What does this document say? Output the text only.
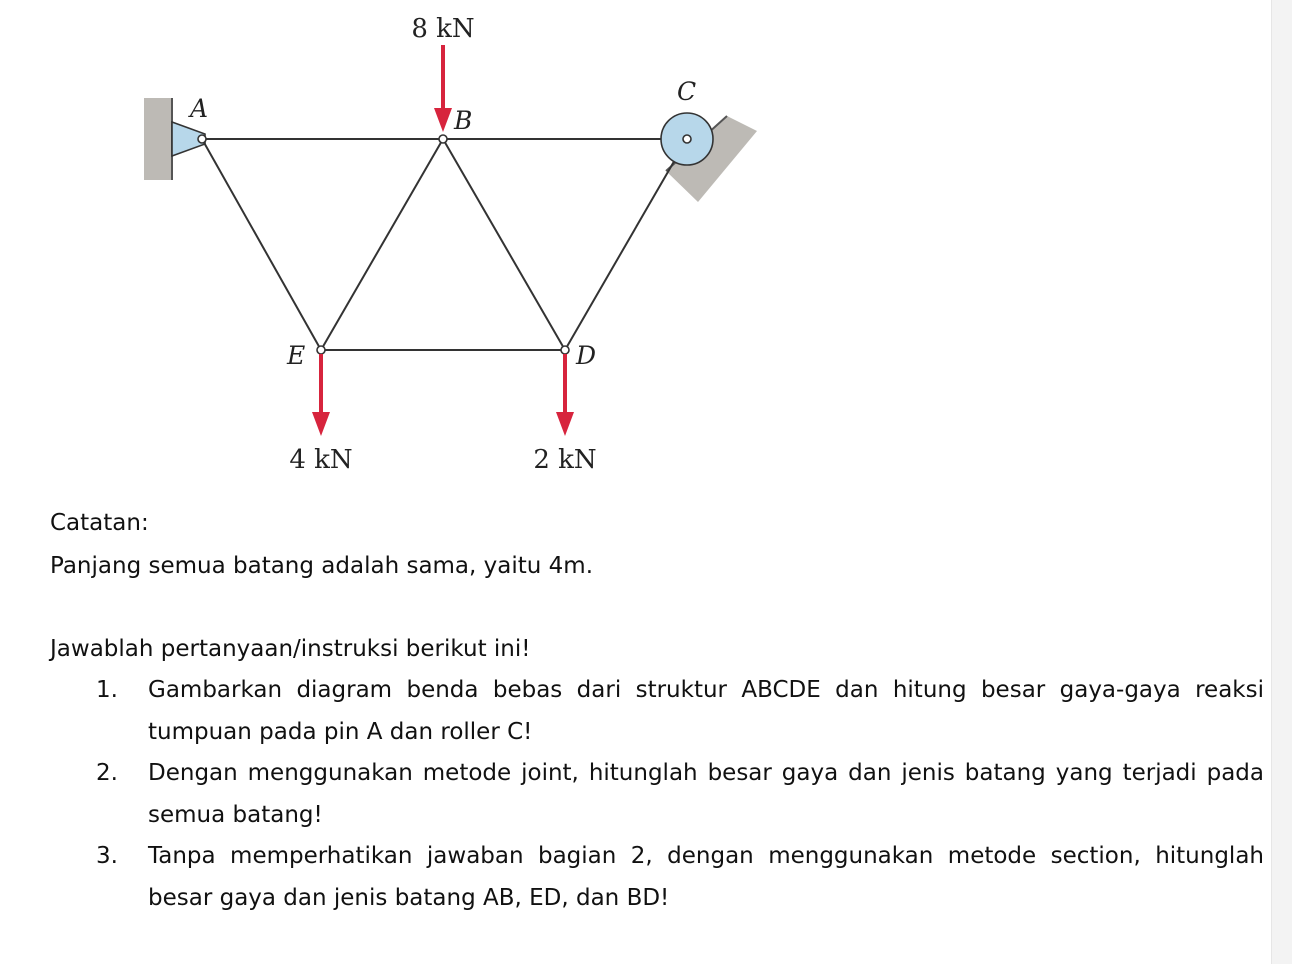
8 kN
4 kN	2 kN
A	B
C
D
E
Catatan:
Panjang semua batang adalah sama, yaitu 4m.
Jawablah pertanyaan/instruksi berikut ini!
1. Gambarkan diagram benda bebas dari struktur ABCDE dan hitung besar gaya-gaya reaksi tumpuan pada pin A dan roller C!
2. Dengan menggunakan metode joint, hitunglah besar gaya dan jenis batang yang terjadi pada semua batang!
3. Tanpa memperhatikan jawaban bagian 2, dengan menggunakan metode section, hitunglah besar gaya dan jenis batang AB, ED, dan BD!
